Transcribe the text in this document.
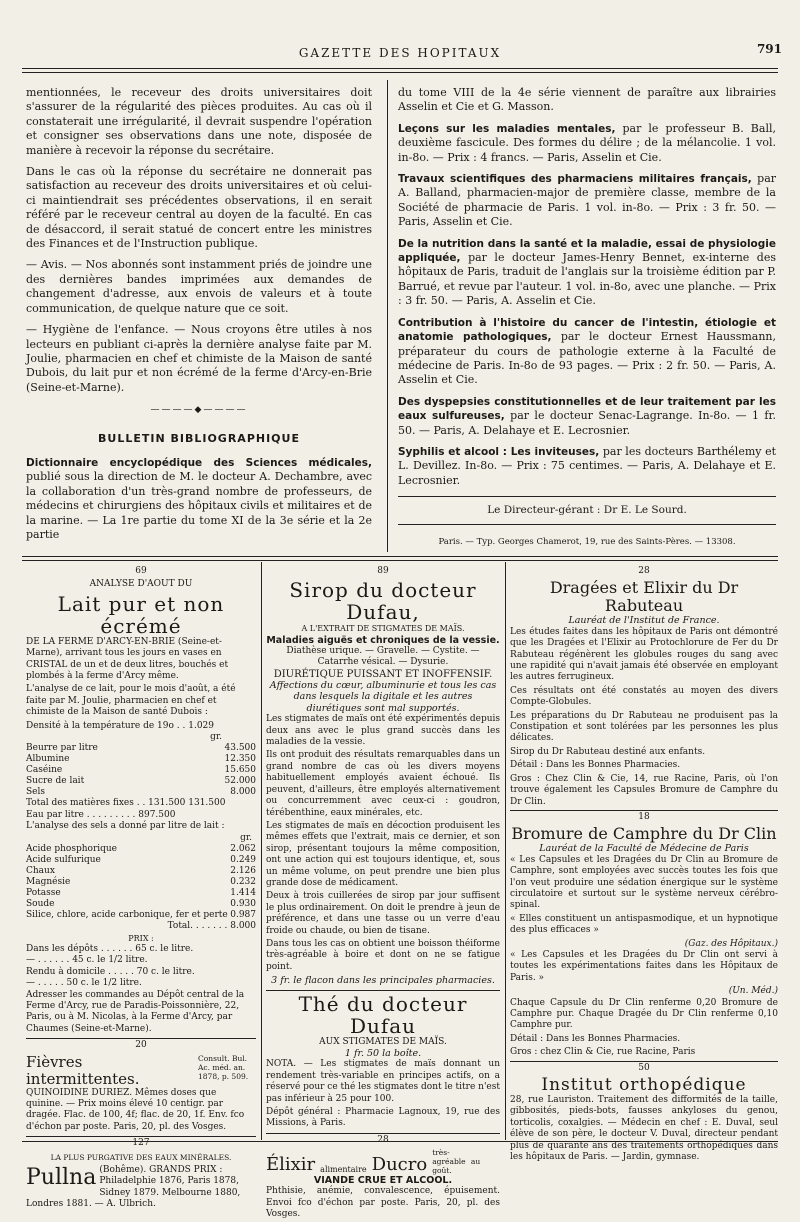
GAZETTE DES HOPITAUX	791

mentionnées, le receveur des droits universitaires doit s'assurer de la régularité des pièces produites. Au cas où il constaterait une irrégularité, il devrait suspendre l'opération et consigner ses observations dans une note, disposée de manière à recevoir la réponse du secrétaire.

Dans le cas où la réponse du secrétaire ne donnerait pas satisfaction au receveur des droits universitaires et où celui-ci maintiendrait ses précédentes observations, il en serait référé par le receveur central au doyen de la faculté. En cas de désaccord, il serait statué de concert entre les ministres des Finances et de l'Instruction publique.

— Avis. — Nos abonnés sont instamment priés de joindre une des dernières bandes imprimées aux demandes de changement d'adresse, aux envois de valeurs et à toute communication, de quelque nature que ce soit.

— Hygiène de l'enfance. — Nous croyons être utiles à nos lecteurs en publiant ci-après la dernière analyse faite par M. Joulie, pharmacien en chef et chimiste de la Maison de santé Dubois, du lait pur et non écrémé de la ferme d'Arcy-en-Brie (Seine-et-Marne).

————◆————
BULLETIN BIBLIOGRAPHIQUE

Dictionnaire encyclopédique des Sciences médicales, publié sous la direction de M. le docteur A. Dechambre, avec la collaboration d'un très-grand nombre de professeurs, de médecins et chirurgiens des hôpitaux civils et militaires et de la marine. — La 1re partie du tome XI de la 3e série et la 2e partie

du tome VIII de la 4e série viennent de paraître aux librairies Asselin et Cie et G. Masson.

Leçons sur les maladies mentales, par le professeur B. Ball, deuxième fascicule. Des formes du délire ; de la mélancolie. 1 vol. in-8o. — Prix : 4 francs. — Paris, Asselin et Cie.

Travaux scientifiques des pharmaciens militaires français, par A. Balland, pharmacien-major de première classe, membre de la Société de pharmacie de Paris. 1 vol. in-8o. — Prix : 3 fr. 50. — Paris, Asselin et Cie.

De la nutrition dans la santé et la maladie, essai de physiologie appliquée, par le docteur James-Henry Bennet, ex-interne des hôpitaux de Paris, traduit de l'anglais sur la troisième édition par P. Barrué, et revue par l'auteur. 1 vol. in-8o, avec une planche. — Prix : 3 fr. 50. — Paris, A. Asselin et Cie.

Contribution à l'histoire du cancer de l'intestin, étiologie et anatomie pathologiques, par le docteur Ernest Haussmann, préparateur du cours de pathologie externe à la Faculté de médecine de Paris. In-8o de 93 pages. — Prix : 2 fr. 50. — Paris, A. Asselin et Cie.

Des dyspepsies constitutionnelles et de leur traitement par les eaux sulfureuses, par le docteur Senac-Lagrange. In-8o. — 1 fr. 50. — Paris, A. Delahaye et E. Lecrosnier.

Syphilis et alcool : Les inviteuses, par les docteurs Barthélemy et L. Devillez. In-8o. — Prix : 75 centimes. — Paris, A. Delahaye et E. Lecrosnier.

Le Directeur-gérant : Dr E. Le Sourd.
Paris. — Typ. Georges Chamerot, 19, rue des Saints-Pères. — 13308.
69
ANALYSE D'AOUT DU
Lait pur et non écrémé

DE LA FERME D'ARCY-EN-BRIE (Seine-et-Marne), arrivant tous les jours en vases en CRISTAL de un et de deux litres, bouchés et plombés à la ferme d'Arcy même.

L'analyse de ce lait, pour le mois d'août, a été faite par M. Joulie, pharmacien en chef et chimiste de la Maison de santé Dubois :

Densité à la température de 19o . . 1.029
gr.
Beurre par litre	43.500
Albumine	12.350
Caséine	15.650
Sucre de lait	52.000
Sels	8.000
Total des matières fixes . . 131.500 131.500
Eau par litre . . . . . . . . . 897.500
L'analyse des sels a donné par litre de lait :
gr.
Acide phosphorique	2.062
Acide sulfurique	0.249
Chaux	2.126
Magnésie	0.232
Potasse	1.414
Soude	0.930
Silice, chlore, acide carbonique, fer et perte	0.987
Total. . . . . . . 8.000
PRIX :
Dans les dépôts . . . . . . 65 c. le litre.
— . . . . . . 45 c. le 1/2 litre.
Rendu à domicile . . . . . 70 c. le litre.
— . . . . . 50 c. le 1/2 litre.

Adresser les commandes au Dépôt central de la Ferme d'Arcy, rue de Paradis-Poissonnière, 22, Paris, ou à M. Nicolas, à la Ferme d'Arcy, par Chaumes (Seine-et-Marne).

20
Fièvres intermittentes.
Consult. Bul. Ac. méd. an. 1878, p. 509.

QUINOIDINE DURIEZ. Mêmes doses que quinine. — Prix moins élevé 10 centigr. par dragée. Flac. de 100, 4f; flac. de 20, 1f. Env. fco d'échon par poste. Paris, 20, pl. des Vosges.

127
LA PLUS PURGATIVE DES EAUX MINÉRALES.
Pullna (Bohême). GRANDS PRIX : Philadelphie 1876, Paris 1878, Sidney 1879. Melbourne 1880, Londres 1881. — A. Ulbrich.
89
Sirop du docteur Dufau,
A L'EXTRAIT DE STIGMATES DE MAÏS.
Maladies aiguës et chroniques de la vessie.
Diathèse urique. — Gravelle. — Cystite. — Catarrhe vésical. — Dysurie.
DIURÉTIQUE PUISSANT ET INOFFENSIF.
Affections du cœur, albuminurie et tous les cas dans lesquels la digitale et les autres diurétiques sont mal supportés.

Les stigmates de maïs ont été expérimentés depuis deux ans avec le plus grand succès dans les maladies de la vessie.

Ils ont produit des résultats remarquables dans un grand nombre de cas où les divers moyens habituellement employés avaient échoué. Ils peuvent, d'ailleurs, être employés alternativement ou concurremment avec ceux-ci : goudron, térébenthine, eaux minérales, etc.

Les stigmates de maïs en décoction produisent les mêmes effets que l'extrait, mais ce dernier, et son sirop, présentant toujours la même composition, ont une action qui est toujours identique, et, sous un même volume, on peut prendre une bien plus grande dose de médicament.

Deux à trois cuillerées de sirop par jour suffisent le plus ordinairement. On doit le prendre à jeun de préférence, et dans une tasse ou un verre d'eau froide ou chaude, ou bien de tisane.

Dans tous les cas on obtient une boisson théiforme très-agréable à boire et dont on ne se fatigue point.

3 fr. le flacon dans les principales pharmacies.
Thé du docteur Dufau
AUX STIGMATES DE MAÏS.
1 fr. 50 la boîte.

NOTA. — Les stigmates de maïs donnant un rendement très-variable en principes actifs, on a réservé pour ce thé les stigmates dont le titre n'est pas inférieur à 25 pour 100.

Dépôt général : Pharmacie Lagnoux, 19, rue des Missions, à Paris.

28
Élixir alimentaire Ducro
très-agréable au goût.
VIANDE CRUE ET ALCOOL.

Phthisie, anémie, convalescence, épuisement. Envoi fco d'échon par poste. Paris, 20, pl. des Vosges.

28
Dragées et Elixir du Dr Rabuteau
Lauréat de l'Institut de France.

Les études faites dans les hôpitaux de Paris ont démontré que les Dragées et l'Elixir au Protochlorure de Fer du Dr Rabuteau régénèrent les globules rouges du sang avec une rapidité qui n'avait jamais été observée en employant les autres ferrugineux.

Ces résultats ont été constatés au moyen des divers Compte-Globules.

Les préparations du Dr Rabuteau ne produisent pas la Constipation et sont tolérées par les personnes les plus délicates.

Sirop du Dr Rabuteau destiné aux enfants.

Détail : Dans les Bonnes Pharmacies.

Gros : Chez Clin & Cie, 14, rue Racine, Paris, où l'on trouve également les Capsules Bromure de Camphre du Dr Clin.

18
Bromure de Camphre du Dr Clin
Lauréat de la Faculté de Médecine de Paris

« Les Capsules et les Dragées du Dr Clin au Bromure de Camphre, sont employées avec succès toutes les fois que l'on veut produire une sédation énergique sur le système circulatoire et surtout sur le système nerveux cérébro-spinal.

« Elles constituent un antispasmodique, et un hypnotique des plus efficaces »

(Gaz. des Hôpitaux.)

« Les Capsules et les Dragées du Dr Clin ont servi à toutes les expérimentations faites dans les Hôpitaux de Paris. »

(Un. Méd.)

Chaque Capsule du Dr Clin renferme 0,20 Bromure de Camphre pur. Chaque Dragée du Dr Clin renferme 0,10 Camphre pur.

Détail : Dans les Bonnes Pharmacies.

Gros : chez Clin & Cie, rue Racine, Paris

50
Institut orthopédique

28, rue Lauriston. Traitement des difformités de la taille, gibbosités, pieds-bots, fausses ankyloses du genou, torticolis, coxalgies. — Médecin en chef : E. Duval, seul élève de son père, le docteur V. Duval, directeur pendant plus de quarante ans des traitements orthopédiques dans les hôpitaux de Paris. — Jardin, gymnase.
